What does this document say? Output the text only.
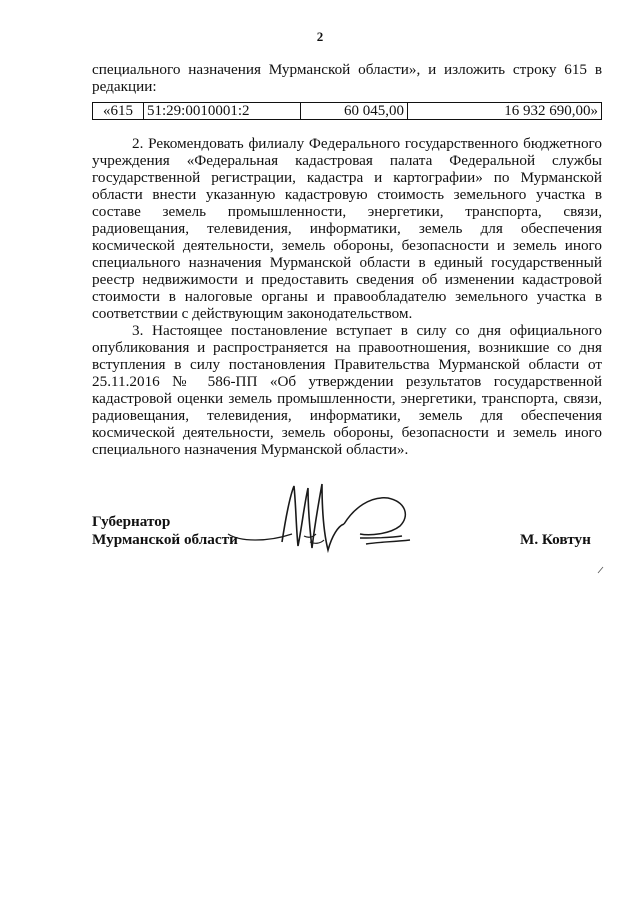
2

специального назначения Мурманской области», и изложить строку 615 в редакции:

«615	51:29:0010001:2	60 045,00	16 932 690,00»

2. Рекомендовать филиалу Федерального государственного бюджетного учреждения «Федеральная кадастровая палата Федеральной службы государственной регистрации, кадастра и картографии» по Мурманской области внести указанную кадастровую стоимость земельного участка в составе земель промышленности, энергетики, транспорта, связи, радиовещания, телевидения, информатики, земель для обеспечения космической деятельности, земель обороны, безопасности и земель иного специального назначения Мурманской области в единый государственный реестр недвижимости и предоставить сведения об изменении кадастровой стоимости в налоговые органы и правообладателю земельного участка в соответствии с действующим законодательством.

3. Настоящее постановление вступает в силу со дня официального опубликования и распространяется на правоотношения, возникшие со дня вступления в силу постановления Правительства Мурманской области от 25.11.2016 № 586-ПП «Об утверждении результатов государственной кадастровой оценки земель промышленности, энергетики, транспорта, связи, радиовещания, телевидения, информатики, земель для обеспечения космической деятельности, земель обороны, безопасности и земель иного специального назначения Мурманской области».

Губернатор
Мурманской области	М. Ковтун
